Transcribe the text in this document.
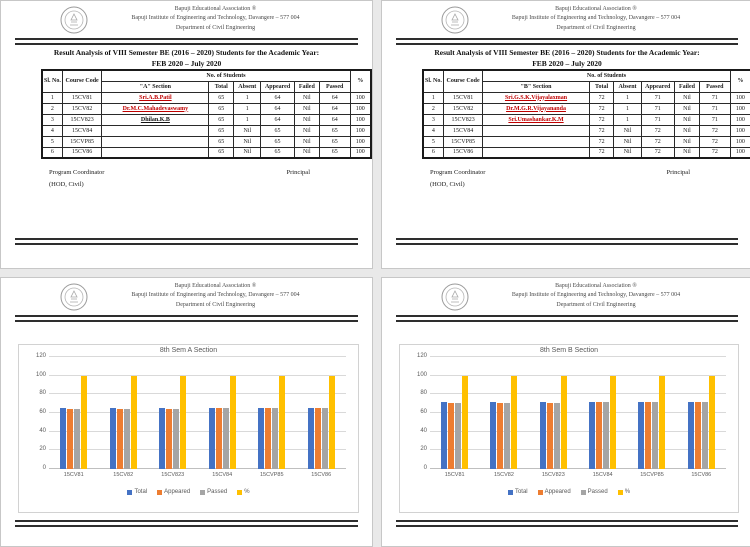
Bapuji Educational Association ®
Bapuji Institute of Engineering and Technology, Davangere – 577 004
Department of Civil Engineering
Result Analysis of VIII Semester BE (2016 – 2020) Students for the Academic Year:
FEB 2020 – July 2020
Sl. No.	Course Code	No. of Students						%
		"A" Section	Total	Absent	Appeared	Failed	Passed	
1	15CV81	Sri.A.B.Patil	65	1	64	Nil	64	100
2	15CV82	Dr.M.C.Mahadevaswamy	65	1	64	Nil	64	100
3	15CV823	Dhilan.K.B	65	1	64	Nil	64	100
4	15CV84		65	Nil	65	Nil	65	100
5	15CVP85		65	Nil	65	Nil	65	100
6	15CV86		65	Nil	65	Nil	65	100
Program Coordinator
(HOD, Civil)
Principal
Bapuji Educational Association ®
Bapuji Institute of Engineering and Technology, Davangere – 577 004
Department of Civil Engineering
Result Analysis of VIII Semester BE (2016 – 2020) Students for the Academic Year:
FEB 2020 – July 2020
Sl. No.	Course Code	No. of Students						%
		"B" Section	Total	Absent	Appeared	Failed	Passed	
1	15CV81	Sri.G.S.K.Vijayalaxman	72	1	71	Nil	71	100
2	15CV82	Dr.M.G.R.Vijayananda	72	1	71	Nil	71	100
3	15CV823	Sri.Umashankar.K.M	72	1	71	Nil	71	100
4	15CV84		72	Nil	72	Nil	72	100
5	15CVP85		72	Nil	72	Nil	72	100
6	15CV86		72	Nil	72	Nil	72	100
Program Coordinator
(HOD, Civil)
Principal
Bapuji Educational Association ®
Bapuji Institute of Engineering and Technology, Davangere – 577 004
Department of Civil Engineering
8th Sem A Section
0
20
40
60
80
100
120
15CV81	15CV82	15CV823	15CV84	15CVP85	15CV86
Total	Appeared	Passed	%
Bapuji Educational Association ®
Bapuji Institute of Engineering and Technology, Davangere – 577 004
Department of Civil Engineering
8th Sem B Section
0
20
40
60
80
100
120
15CV81	15CV82	15CV823	15CV84	15CVP85	15CV86
Total	Appeared	Passed	%
